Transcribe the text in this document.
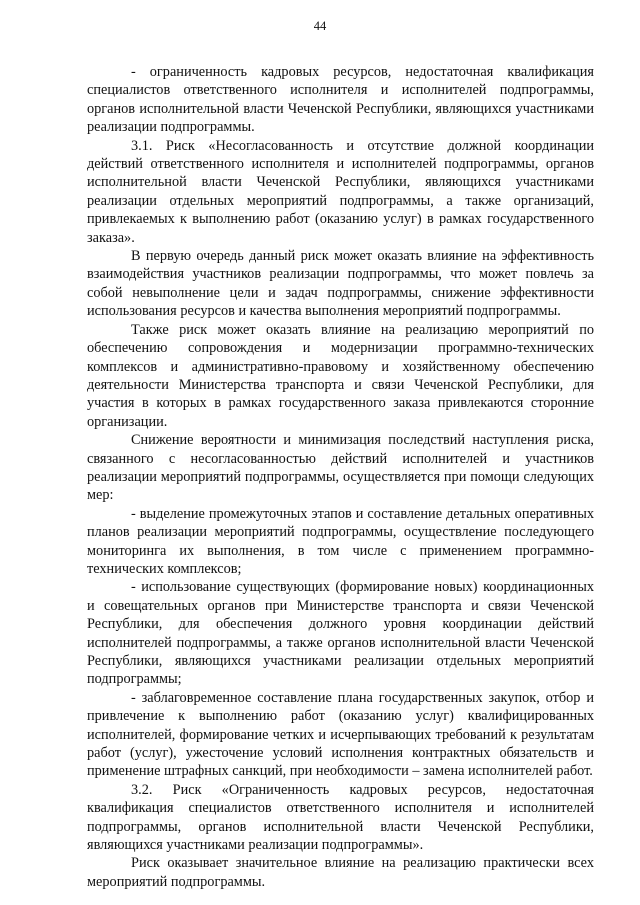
44

- ограниченность кадровых ресурсов, недостаточная квалификация специалистов ответственного исполнителя и исполнителей подпрограммы, органов исполнительной власти Чеченской Республики, являющихся участниками реализации подпрограммы.

3.1. Риск «Несогласованность и отсутствие должной координации действий ответственного исполнителя и исполнителей подпрограммы, органов исполнительной власти Чеченской Республики, являющихся участниками реализации отдельных мероприятий подпрограммы, а также организаций, привлекаемых к выполнению работ (оказанию услуг) в рамках государственного заказа».

В первую очередь данный риск может оказать влияние на эффективность взаимодействия участников реализации подпрограммы, что может повлечь за собой невыполнение цели и задач подпрограммы, снижение эффективности использования ресурсов и качества выполнения мероприятий подпрограммы.

Также риск может оказать влияние на реализацию мероприятий по обеспечению сопровождения и модернизации программно-технических комплексов и административно-правовому и хозяйственному обеспечению деятельности Министерства транспорта и связи Чеченской Республики, для участия в которых в рамках государственного заказа привлекаются сторонние организации.

Снижение вероятности и минимизация последствий наступления риска, связанного с несогласованностью действий исполнителей и участников реализации мероприятий подпрограммы, осуществляется при помощи следующих мер:

- выделение промежуточных этапов и составление детальных оперативных планов реализации мероприятий подпрограммы, осуществление последующего мониторинга их выполнения, в том числе с применением программно-технических комплексов;

- использование существующих (формирование новых) координационных и совещательных органов при Министерстве транспорта и связи Чеченской Республики, для обеспечения должного уровня координации действий исполнителей подпрограммы, а также органов исполнительной власти Чеченской Республики, являющихся участниками реализации отдельных мероприятий подпрограммы;

- заблаговременное составление плана государственных закупок, отбор и привлечение к выполнению работ (оказанию услуг) квалифицированных исполнителей, формирование четких и исчерпывающих требований к результатам работ (услуг), ужесточение условий исполнения контрактных обязательств и применение штрафных санкций, при необходимости – замена исполнителей работ.

3.2. Риск «Ограниченность кадровых ресурсов, недостаточная квалификация специалистов ответственного исполнителя и исполнителей подпрограммы, органов исполнительной власти Чеченской Республики, являющихся участниками реализации подпрограммы».

Риск оказывает значительное влияние на реализацию практически всех мероприятий подпрограммы.
